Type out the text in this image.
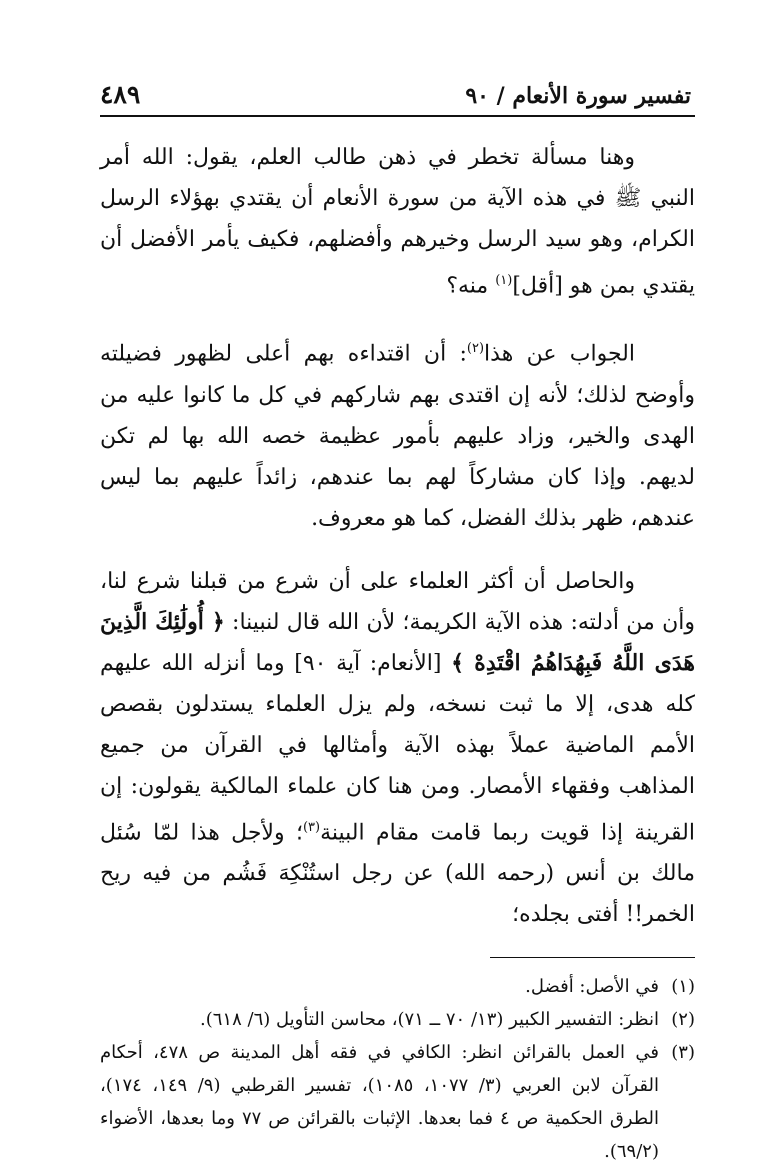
تفسير سورة الأنعام / ٩٠
٤٨٩

وهنا مسألة تخطر في ذهن طالب العلم، يقول: الله أمر النبي ﷺ في هذه الآية من سورة الأنعام أن يقتدي بهؤلاء الرسل الكرام، وهو سيد الرسل وخيرهم وأفضلهم، فكيف يأمر الأفضل أن يقتدي بمن هو [أقل]$^{(١)}$ منه؟

الجواب عن هذا$^{(٢)}$: أن اقتداءه بهم أعلى لظهور فضيلته وأوضح لذلك؛ لأنه إن اقتدى بهم شاركهم في كل ما كانوا عليه من الهدى والخير، وزاد عليهم بأمور عظيمة خصه الله بها لم تكن لديهم. وإذا كان مشاركاً لهم بما عندهم، زائداً عليهم بما ليس عندهم، ظهر بذلك الفضل، كما هو معروف.

والحاصل أن أكثر العلماء على أن شرع من قبلنا شرع لنا، وأن من أدلته: هذه الآية الكريمة؛ لأن الله قال لنبينا: ﴿ أُولَٰئِكَ الَّذِينَ هَدَى اللَّهُ فَبِهُدَاهُمُ اقْتَدِهْ ﴾ [الأنعام: آية ٩٠] وما أنزله الله عليهم كله هدى، إلا ما ثبت نسخه، ولم يزل العلماء يستدلون بقصص الأمم الماضية عملاً بهذه الآية وأمثالها في القرآن من جميع المذاهب وفقهاء الأمصار. ومن هنا كان علماء المالكية يقولون: إن القرينة إذا قويت ربما قامت مقام البينة$^{(٣)}$؛ ولأجل هذا لمّا سُئل مالك بن أنس (رحمه الله) عن رجل استُنْكِهَ فَشُم من فيه ريح الخمر!! أفتى بجلده؛

(١)
في الأصل: أفضل.
(٢)
انظر: التفسير الكبير (١٣/ ٧٠ ــ ٧١)، محاسن التأويل (٦/ ٦١٨).
(٣)
في العمل بالقرائن انظر: الكافي في فقه أهل المدينة ص ٤٧٨، أحكام القرآن لابن العربي (٣/ ١٠٧٧، ١٠٨٥)، تفسير القرطبي (٩/ ١٤٩، ١٧٤)، الطرق الحكمية ص ٤ فما بعدها. الإثبات بالقرائن ص ٧٧ وما بعدها، الأضواء (٦٩/٢).
